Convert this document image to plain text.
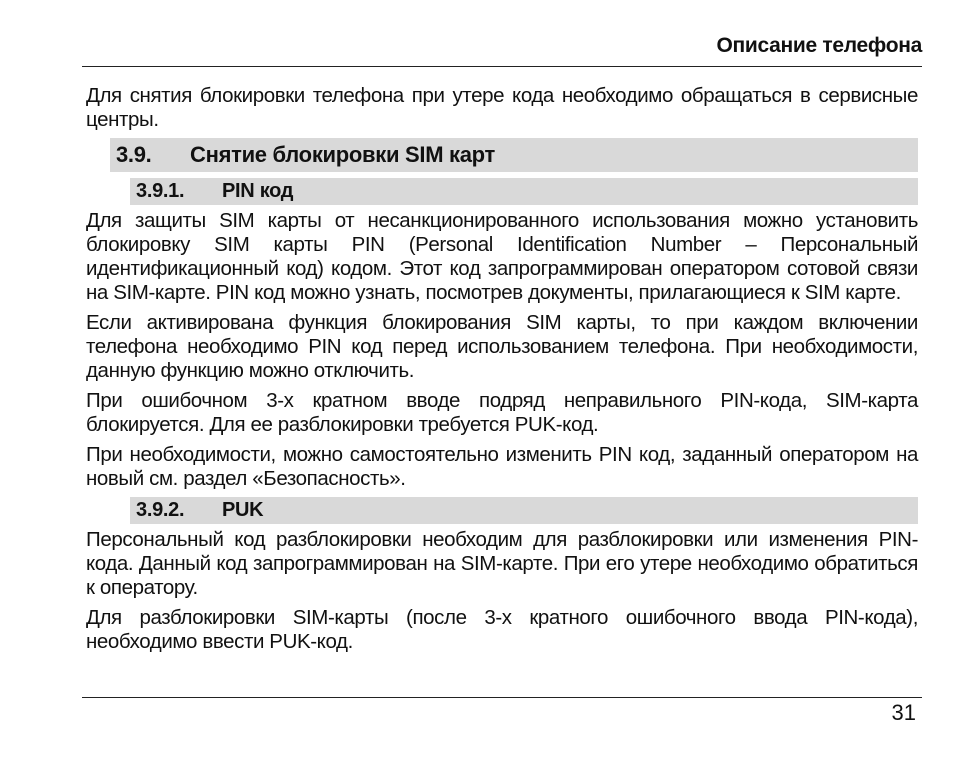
Описание телефона

Для снятия блокировки телефона при утере кода необходимо обращаться в сервисные центры.

3.9. Снятие блокировки SIM карт
3.9.1. PIN код

Для защиты SIM карты от несанкционированного использования можно установить блокировку SIM карты PIN (Personal Identification Number – Персональный идентификационный код) кодом. Этот код запрограммирован оператором сотовой связи на SIM-карте. PIN код можно узнать, посмотрев документы, прилагающиеся к SIM карте.

Если активирована функция блокирования SIM карты, то при каждом включении телефона необходимо PIN код перед использованием телефона. При необходимости, данную функцию можно отключить.

При ошибочном 3-х кратном вводе подряд неправильного PIN-кода, SIM-карта блокируется. Для ее разблокировки требуется PUK-код.

При необходимости, можно самостоятельно изменить PIN код, заданный оператором на новый см. раздел «Безопасность».

3.9.2. PUK

Персональный код разблокировки необходим для разблокировки или изменения PIN-кода. Данный код запрограммирован на SIM-карте. При его утере необходимо обратиться к оператору.

Для разблокировки SIM-карты (после 3-х кратного ошибочного ввода PIN-кода), необходимо ввести PUK-код.

31
